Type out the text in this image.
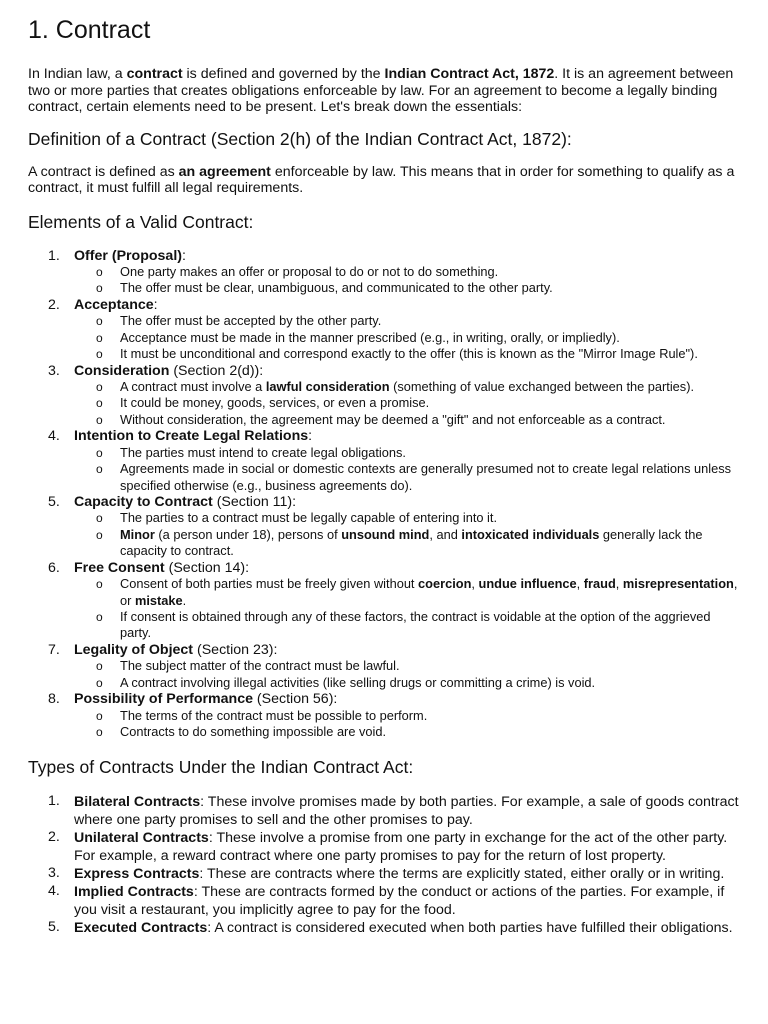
1. Contract

In Indian law, a contract is defined and governed by the Indian Contract Act, 1872. It is an agreement between two or more parties that creates obligations enforceable by law. For an agreement to become a legally binding contract, certain elements need to be present. Let's break down the essentials:

Definition of a Contract (Section 2(h) of the Indian Contract Act, 1872):

A contract is defined as an agreement enforceable by law. This means that in order for something to qualify as a contract, it must fulfill all legal requirements.

Elements of a Valid Contract:
1. Offer (Proposal):
o One party makes an offer or proposal to do or not to do something.
o The offer must be clear, unambiguous, and communicated to the other party.
2. Acceptance:
o The offer must be accepted by the other party.
o Acceptance must be made in the manner prescribed (e.g., in writing, orally, or impliedly).
o It must be unconditional and correspond exactly to the offer (this is known as the "Mirror Image Rule").
3. Consideration (Section 2(d)):
o A contract must involve a lawful consideration (something of value exchanged between the parties).
o It could be money, goods, services, or even a promise.
o Without consideration, the agreement may be deemed a "gift" and not enforceable as a contract.
4. Intention to Create Legal Relations:
o The parties must intend to create legal obligations.
o Agreements made in social or domestic contexts are generally presumed not to create legal relations unless specified otherwise (e.g., business agreements do).
5. Capacity to Contract (Section 11):
o The parties to a contract must be legally capable of entering into it.
o Minor (a person under 18), persons of unsound mind, and intoxicated individuals generally lack the capacity to contract.
6. Free Consent (Section 14):
o Consent of both parties must be freely given without coercion, undue influence, fraud, misrepresentation, or mistake.
o If consent is obtained through any of these factors, the contract is voidable at the option of the aggrieved party.
7. Legality of Object (Section 23):
o The subject matter of the contract must be lawful.
o A contract involving illegal activities (like selling drugs or committing a crime) is void.
8. Possibility of Performance (Section 56):
o The terms of the contract must be possible to perform.
o Contracts to do something impossible are void.
Types of Contracts Under the Indian Contract Act:
1. Bilateral Contracts: These involve promises made by both parties. For example, a sale of goods contract where one party promises to sell and the other promises to pay.
2. Unilateral Contracts: These involve a promise from one party in exchange for the act of the other party. For example, a reward contract where one party promises to pay for the return of lost property.
3. Express Contracts: These are contracts where the terms are explicitly stated, either orally or in writing.
4. Implied Contracts: These are contracts formed by the conduct or actions of the parties. For example, if you visit a restaurant, you implicitly agree to pay for the food.
5. Executed Contracts: A contract is considered executed when both parties have fulfilled their obligations.
